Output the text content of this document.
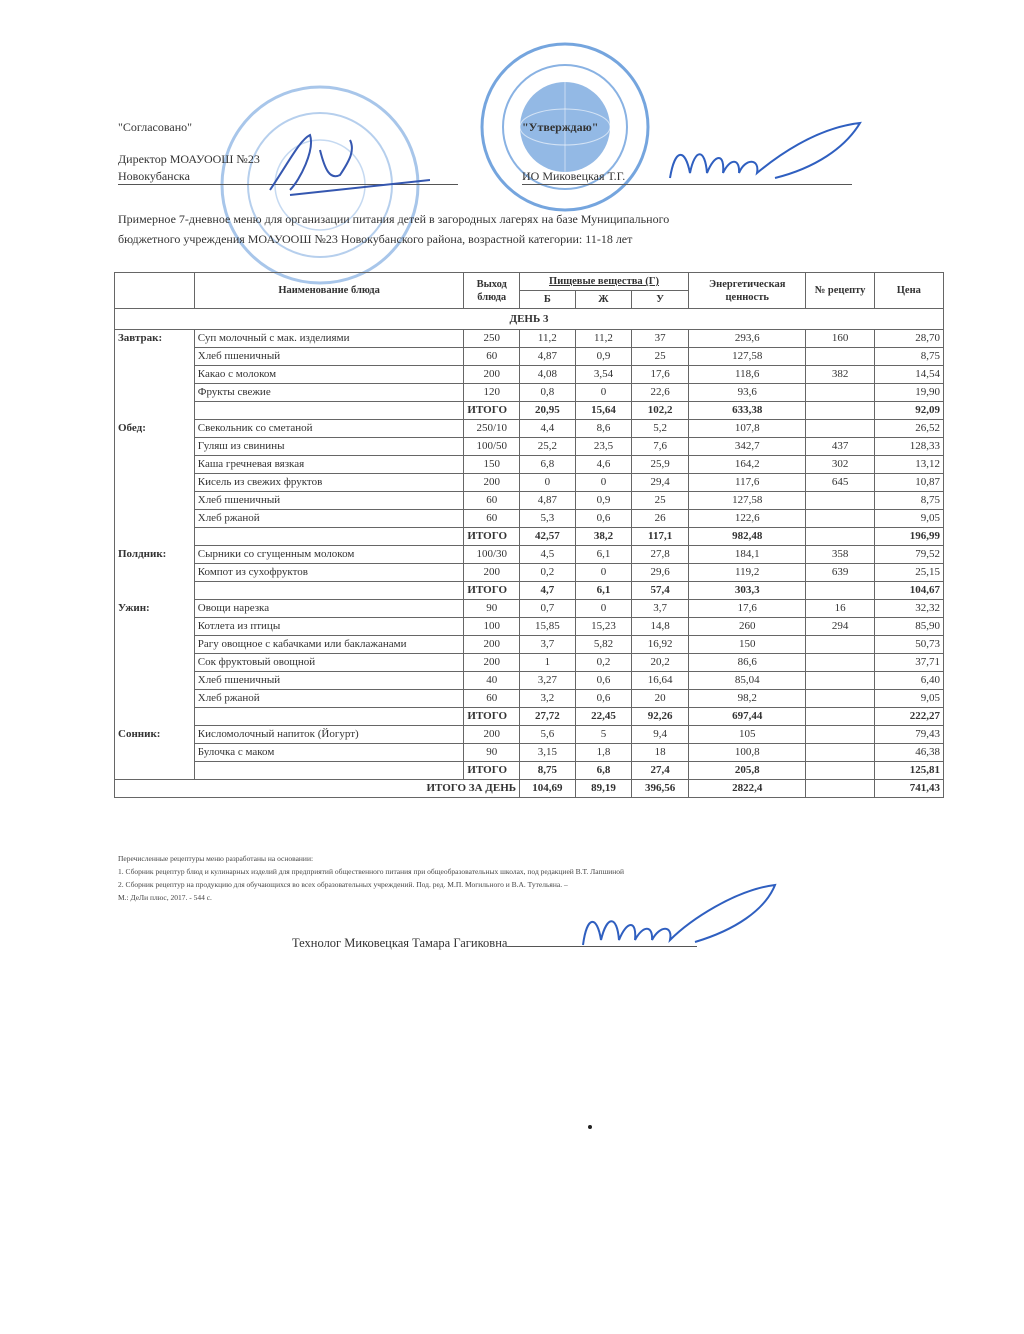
"Согласовано"
Директор МОАУООШ №23
Новокубанска
"Утверждаю"
ИО Миковецкая Т.Г.
Примерное 7-дневное меню для организации питания детей в загородных лагерях на базе Муниципального
бюджетного учреждения МОАУООШ №23 Новокубанского района, возрастной категории: 11-18 лет
	Наименование блюда	Выход блюда	Пищевые вещества (Г)			Энергетическая ценность	№ рецепту	Цена
			Б	Ж	У			
ДЕНЬ 3								
Завтрак:	Суп молочный с мак. изделиями	250	11,2	11,2	37	293,6	160	28,70
	Хлеб пшеничный	60	4,87	0,9	25	127,58		8,75
	Какао с молоком	200	4,08	3,54	17,6	118,6	382	14,54
	Фрукты свежие	120	0,8	0	22,6	93,6		19,90
		ИТОГО	20,95	15,64	102,2	633,38		92,09
Обед:	Свекольник со сметаной	250/10	4,4	8,6	5,2	107,8		26,52
	Гуляш из свинины	100/50	25,2	23,5	7,6	342,7	437	128,33
	Каша гречневая вязкая	150	6,8	4,6	25,9	164,2	302	13,12
	Кисель из свежих фруктов	200	0	0	29,4	117,6	645	10,87
	Хлеб пшеничный	60	4,87	0,9	25	127,58		8,75
	Хлеб ржаной	60	5,3	0,6	26	122,6		9,05
		ИТОГО	42,57	38,2	117,1	982,48		196,99
Полдник:	Сырники со сгущенным молоком	100/30	4,5	6,1	27,8	184,1	358	79,52
	Компот из сухофруктов	200	0,2	0	29,6	119,2	639	25,15
		ИТОГО	4,7	6,1	57,4	303,3		104,67
Ужин:	Овощи нарезка	90	0,7	0	3,7	17,6	16	32,32
	Котлета из птицы	100	15,85	15,23	14,8	260	294	85,90
	Рагу овощное с кабачками или баклажанами	200	3,7	5,82	16,92	150		50,73
	Сок фруктовый овощной	200	1	0,2	20,2	86,6		37,71
	Хлеб пшеничный	40	3,27	0,6	16,64	85,04		6,40
	Хлеб ржаной	60	3,2	0,6	20	98,2		9,05
		ИТОГО	27,72	22,45	92,26	697,44		222,27
Сонник:	Кисломолочный напиток (Йогурт)	200	5,6	5	9,4	105		79,43
	Булочка с маком	90	3,15	1,8	18	100,8		46,38
		ИТОГО	8,75	6,8	27,4	205,8		125,81
ИТОГО ЗА ДЕНЬ			104,69	89,19	396,56	2822,4		741,43
Перечисленные рецептуры меню разработаны на основании:
1. Сборник рецептур блюд и кулинарных изделий для предприятий общественного питания при общеобразовательных школах, под редакцией В.Т. Лапшиной
2. Сборник рецептур на продукцию для обучающихся во всех образовательных учреждений. Под. ред. М.П. Могильного и В.А. Тутельяна. –
М.: ДеЛи плюс, 2017. - 544 с.
Технолог Миковецкая Тамара Гагиковна
